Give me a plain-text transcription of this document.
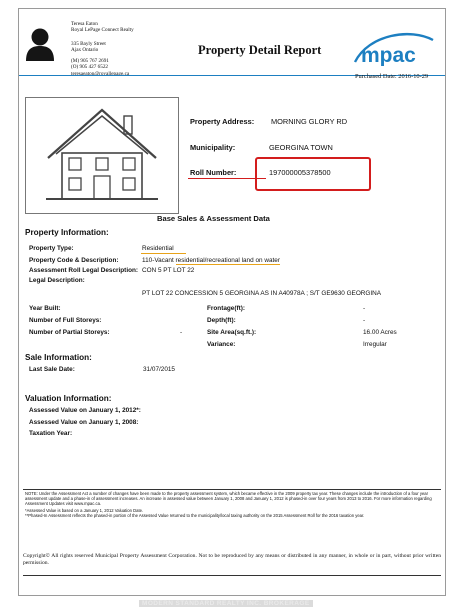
Teresa Eaton
Royal LePage Connect Realty
335 Bayly Street
Ajax Ontario
(M) 905 767 2691
(O) 905 427 6522
teresaeaton@royallepage.ca
Property Detail Report mpac
Purchased Date: 2016-10-29
Property Address: MORNING GLORY RD
Municipality:	GEORGINA TOWN
Roll Number:	197000005378500
Base Sales & Assessment Data
Property Information:
Property Type:	Residential
Property Code & Description:	110-Vacant residential/recreational land on water
Assessment Roll Legal Description: CON 5 PT LOT 22
Legal Description:
PT LOT 22 CONCESSION 5 GEORGINA AS IN A40978A ; S/T GE9630 GEORGINA
Year Built:
Number of Full Storeys:
Number of Partial Storeys:	-
Frontage(ft):	-
Depth(ft):	-
Site Area(sq.ft.):	16.00 Acres
Variance:	Irregular
Sale Information:
Last Sale Date:	31/07/2015
Valuation Information:
Assessed Value on January 1, 2012*:
Assessed Value on January 1, 2008:
Taxation Year:
NOTE: Under the Assessment Act a number of changes have been made to the property assessment system, which became effective in the 2009 property tax year. These changes include the introduction of a four year assessment update and a phase-in of assessment increases. An increase in assessed value between January 1, 2008 and January 1, 2012 is phased-in over four years from 2013 to 2016. For more information regarding Assessment Updates visit www.mpac.ca.
*Assessed Value is based on a January 1, 2012 Valuation Date.
**Phased-In Assessment reflects the phased-in portion of the Assessed Value returned to the municipality/local taxing authority on the 2015 Assessment Roll for the 2016 taxation year.
Copyright© All rights reserved Municipal Property Assessment Corporation. Not to be reproduced by any means or distributed in any manner, in whole or in part, without prior written permission.
MODERN STANDARD REALTY INC. BROKERAGE
